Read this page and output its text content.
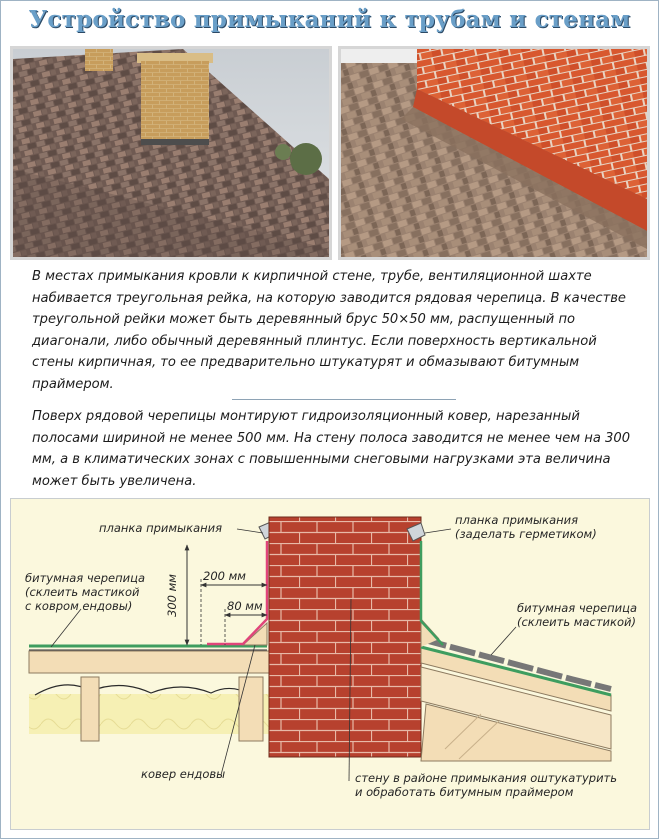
Устройство примыканий к трубам и стенам

В местах примыкания кровли к кирпичной стене, трубе, вентиляционной шахте набивается треугольная рейка, на которую заводится рядовая черепица. В качестве треугольной рейки может быть деревянный брус 50×50 мм, распущенный по диагонали, либо обычный деревянный плинтус. Если поверхность вертикальной стены кирпичная, то ее предварительно штукатурят и обмазывают битумным праймером.

Поверх рядовой черепицы монтируют гидроизоляционный ковер, нарезанный полосами шириной не менее 500 мм. На стену полоса заводится не менее чем на 300 мм, а в климатических зонах с повышенными снеговыми нагрузками эта величина может быть увеличена.

планка примыкания
планка примыкания
(заделать герметиком)
битумная черепица
(склеить мастикой
с ковром ендовы)	битумная черепица
(склеить мастикой)
ковер ендовы	стену в районе примыкания оштукатурить
и обработать битумным праймером
300 мм 200 мм
80 мм
